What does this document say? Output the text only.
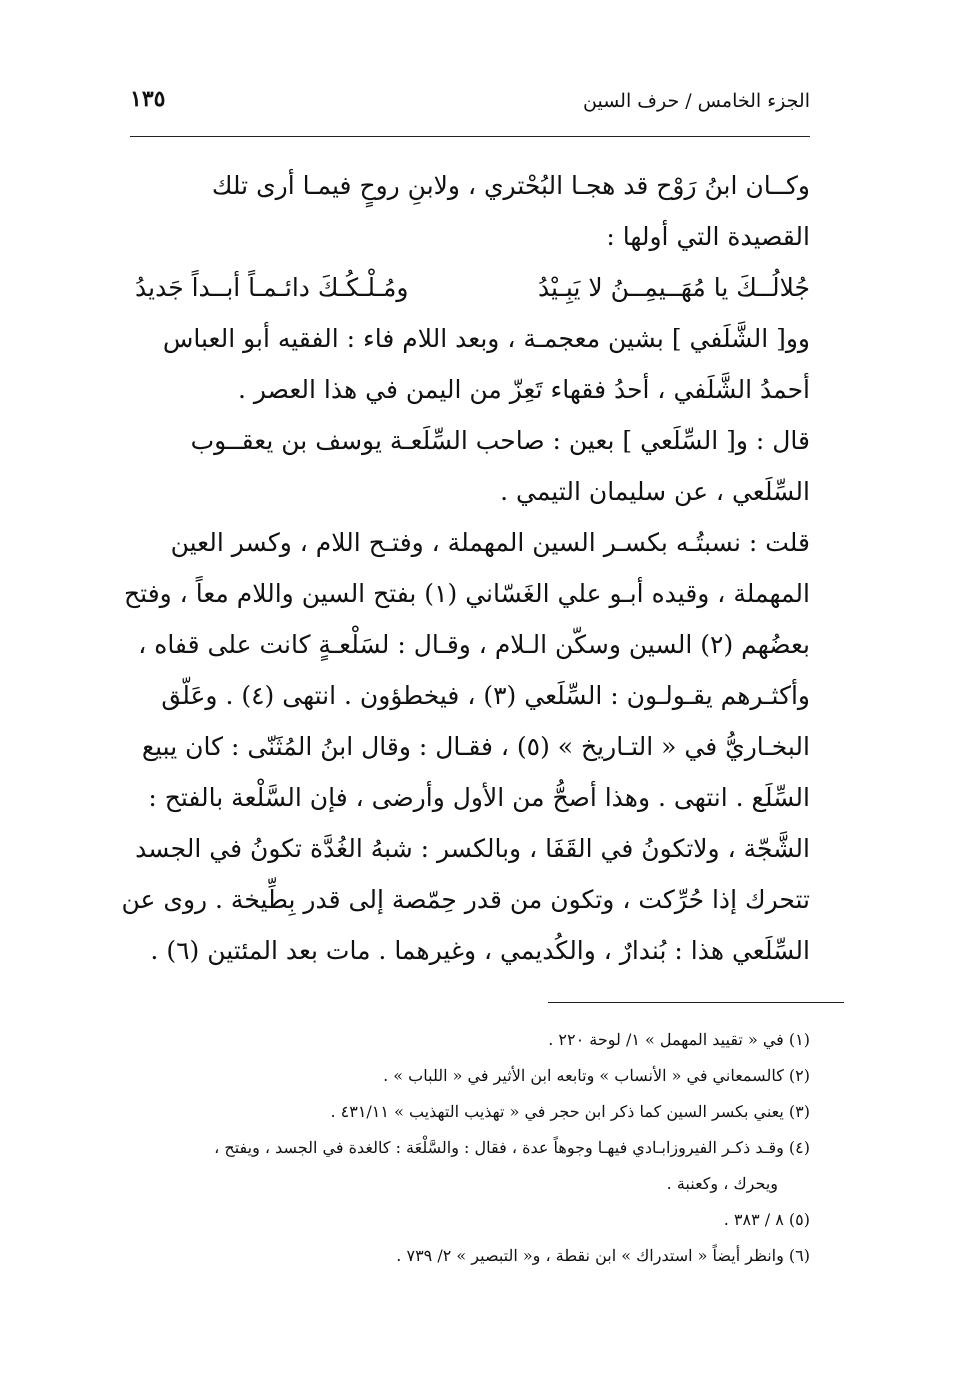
الجزء الخامس / حرف السين
١٣٥
وكــان ابنُ رَوْح قد هجـا البُحْتري ، ولابنِ روحٍ فيمـا أرى تلك
القصيدة التي أولها :
جُلالُــكَ يا مُهَــيمِــنُ لا يَبِـيْدُ
ومُـلْـكُـكَ دائـمـاً أبــداً جَديدُ
وو[ الشَّلَفي ] بشين معجمـة ، وبعد اللام فاء : الفقيه أبو العباس
أحمدُ الشَّلَفي ، أحدُ فقهاء تَعِزّ من اليمن في هذا العصر .
قال : و[ السِّلَعي ] بعين : صاحب السِّلَعـة يوسف بن يعقــوب
السِّلَعي ، عن سليمان التيمي .
قلت : نسبتُـه بكسـر السين المهملة ، وفتـح اللام ، وكسر العين
المهملة ، وقيده أبـو علي الغَسّاني (١) بفتح السين واللام معاً ، وفتح
بعضُهم (٢) السين وسكّن الـلام ، وقـال : لسَلْعـةٍ كانت على قفاه ،
وأكثـرهم يقـولـون : السِّلَعي (٣) ، فيخطؤون . انتهى (٤) . وعَلّق
البخـاريُّ في « التـاريخ » (٥) ، فقـال : وقال ابنُ المُثَنّى : كان يبيع
السِّلَع . انتهى . وهذا أصحُّ من الأول وأرضى ، فإن السَّلْعة بالفتح :
الشَّجّة ، ولاتكونُ في القَفَا ، وبالكسر : شبهُ الغُدَّة تكونُ في الجسد
تتحرك إذا حُرِّكت ، وتكون من قدر حِمّصة إلى قدر بِطِّيخة . روى عن
السِّلَعي هذا : بُندارٌ ، والكُديمي ، وغيرهما . مات بعد المئتين (٦) .
(١) في « تقييد المهمل » ١/ لوحة ٢٢٠ .
(٢) كالسمعاني في « الأنساب » وتابعه ابن الأثير في « اللباب » .
(٣) يعني بكسر السين كما ذكر ابن حجر في « تهذيب التهذيب » ٤٣١/١١ .
(٤) وقـد ذكـر الفيروزابـادي فيهـا وجوهاً عدة ، فقال : والسَّلْعَة : كالغدة في الجسد ، ويفتح ،
ويحرك ، وكعنبة .
(٥) ٨ / ٣٨٣ .
(٦) وانظر أيضاً « استدراك » ابن نقطة ، و« التبصير » ٢/ ٧٣٩ .
